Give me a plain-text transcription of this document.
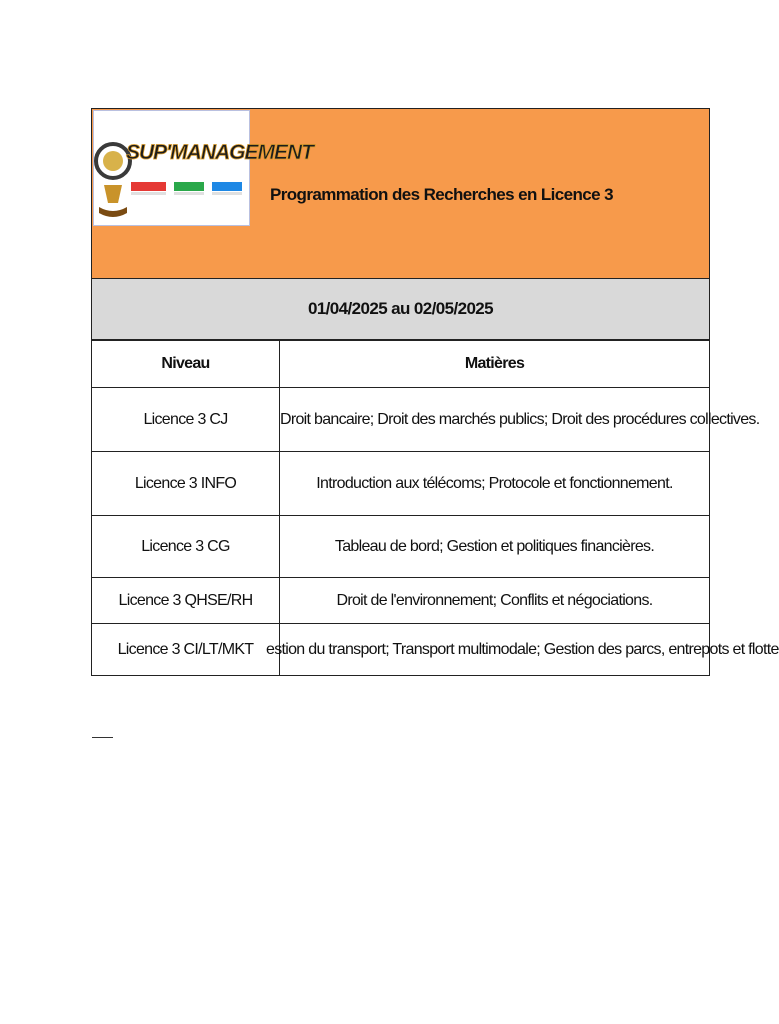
SUP'MANAGEMENT
Programmation des Recherches en Licence 3
01/04/2025 au 02/05/2025
Niveau	Matières
Licence 3 CJ	Droit bancaire; Droit des marchés publics; Droit des procédures collectives.
Licence 3 INFO	Introduction aux télécoms; Protocole et fonctionnement.
Licence 3 CG	Tableau de bord; Gestion et politiques financières.
Licence 3 QHSE/RH	Droit de l'environnement; Conflits et négociations.
Licence 3 CI/LT/MKT	estion du transport; Transport multimodale; Gestion des parcs, entrepots et flotte
